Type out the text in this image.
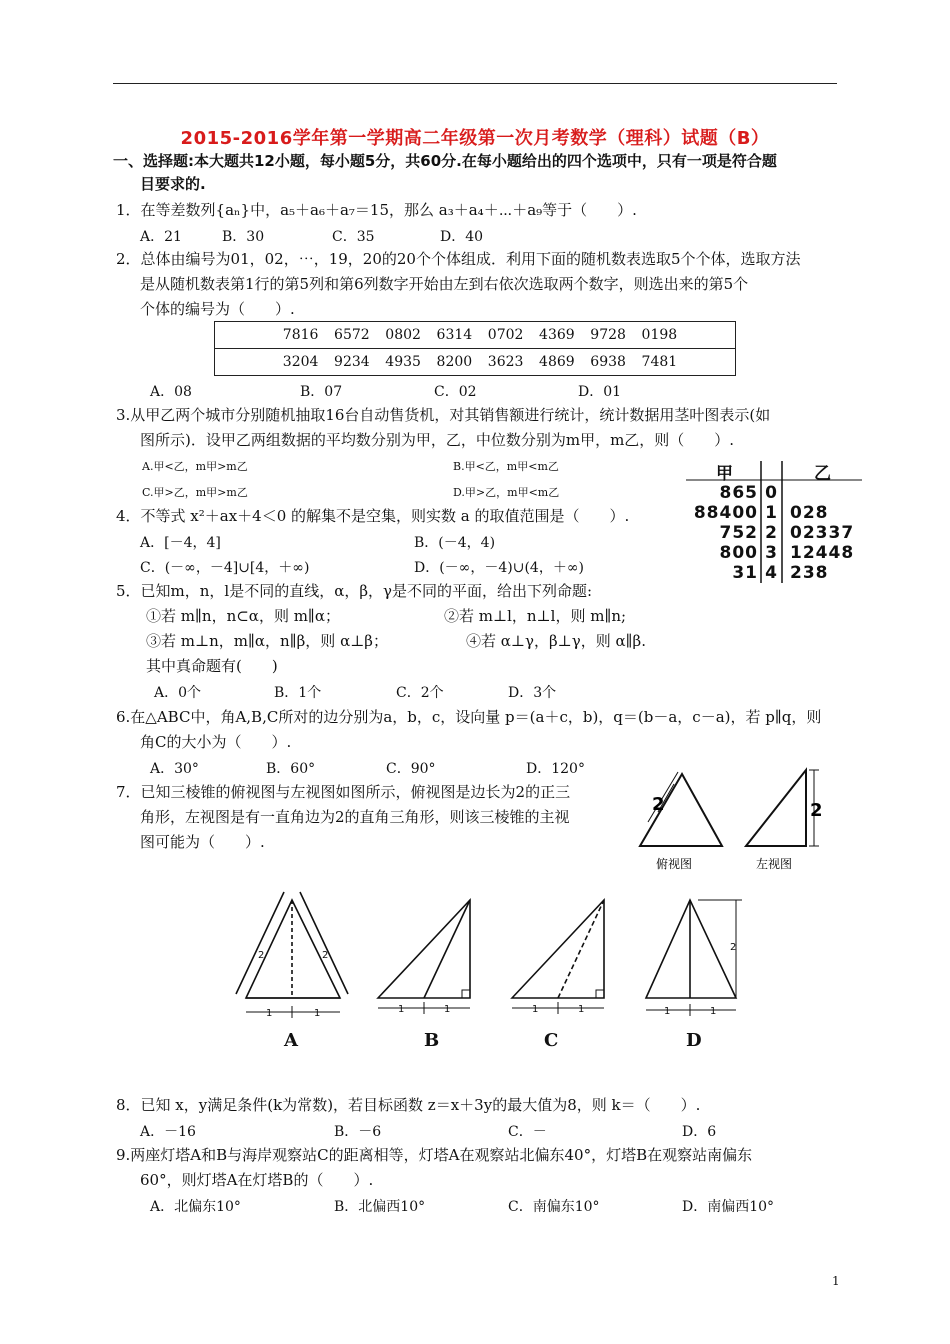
2015-2016学年第一学期高二年级第一次月考数学（理科）试题（B）
一、选择题:本大题共12小题，每小题5分，共60分.在每小题给出的四个选项中，只有一项是符合题
目要求的.
1．在等差数列{aₙ}中，a₅＋a₆＋a₇＝15，那么 a₃＋a₄＋⋯＋a₉等于（　　）.
A．21	B．30	C．35	D．40
2．总体由编号为01，02，⋯，19，20的20个个体组成．利用下面的随机数表选取5个个体，选取方法
是从随机数表第1行的第5列和第6列数字开始由左到右依次选取两个数字，则选出来的第5个
个体的编号为（　　）.
	7816	6572	0802	6314	0702	4369	9728	0198	
	3204	9234	4935	8200	3623	4869	6938	7481	
A．08	B．07	C．02	D．01
3.从甲乙两个城市分别随机抽取16台自动售货机，对其销售额进行统计，统计数据用茎叶图表示(如
图所示)．设甲乙两组数据的平均数分别为甲，乙，中位数分别为m甲，m乙，则（　　）.
A.甲<乙，m甲>m乙	B.甲<乙，m甲<m乙
C.甲>乙，m甲>m乙	D.甲>乙，m甲<m乙
甲	乙
865 0
88400 1 028
752 2 02337
800 3 12448
31 4 238
4．不等式 x²＋ax＋4＜0 的解集不是空集，则实数 a 的取值范围是（　　）.
A．[－4，4]	B．(－4，4)
C．(－∞，－4]∪[4，＋∞)	D．(－∞，－4)∪(4，＋∞)
5．已知m，n，l是不同的直线，α，β，γ是不同的平面，给出下列命题:
①若 m∥n，n⊂α，则 m∥α；	②若 m⊥l，n⊥l，则 m∥n;
③若 m⊥n，m∥α，n∥β，则 α⊥β；	④若 α⊥γ，β⊥γ，则 α∥β.
其中真命题有(　　)
A．0个	B．1个	C．2个	D．3个
6.在△ABC中，角A,B,C所对的边分别为a，b，c，设向量 p＝(a＋c，b)，q＝(b－a，c－a)，若 p∥q，则
角C的大小为（　　）.
A．30°	B．60°	C．90°	D．120°
7．已知三棱锥的俯视图与左视图如图所示，俯视图是边长为2的正三
角形，左视图是有一直角边为2的直角三角形，则该三棱锥的主视
图可能为（　　）.
2
俯视图
2
左视图
2	2
1	1	1	1	1	1	1	1
2
A	B	C	D
8．已知 x，y满足条件(k为常数)，若目标函数 z＝x＋3y的最大值为8，则 k＝（　　）.
A．－16	B．－6	C．－	D．6
9.两座灯塔A和B与海岸观察站C的距离相等，灯塔A在观察站北偏东40°，灯塔B在观察站南偏东
60°，则灯塔A在灯塔B的（　　）.
A．北偏东10°	B．北偏西10°	C．南偏东10°	D．南偏西10°
1
